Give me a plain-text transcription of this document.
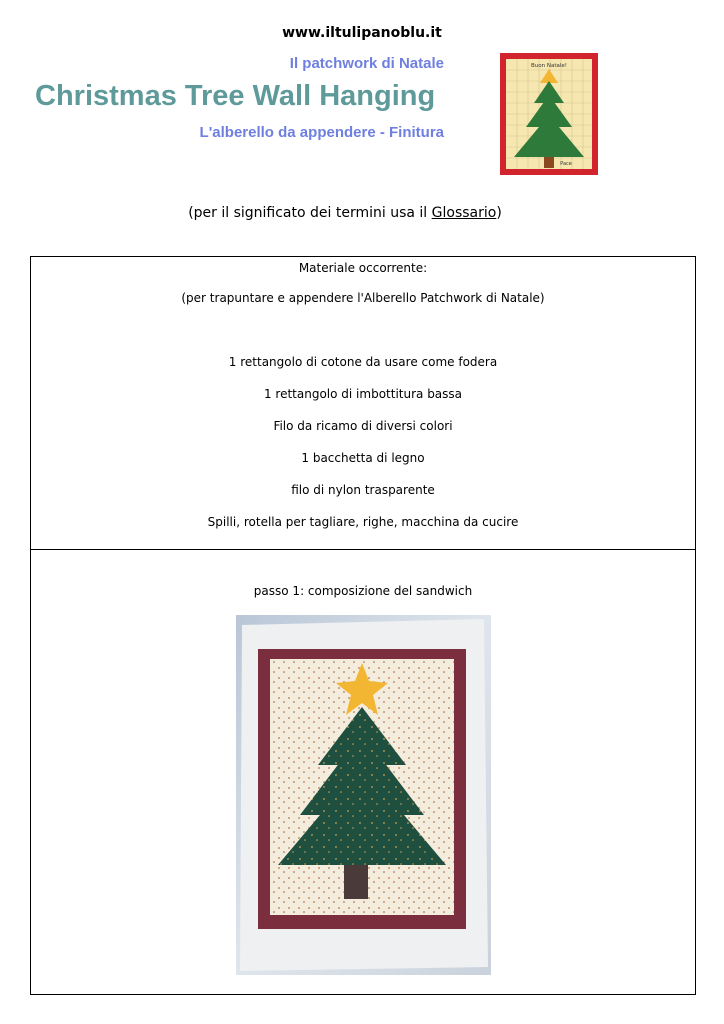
www.iltulipanoblu.it
Il patchwork di Natale
Christmas Tree Wall Hanging
L'alberello da appendere - Finitura
Buon Natale!
Pace
(per il significato dei termini usa il Glossario)
Materiale occorrente:
(per trapuntare e appendere l'Alberello Patchwork di Natale)
1 rettangolo di cotone da usare come fodera
1 rettangolo di imbottitura bassa
Filo da ricamo di diversi colori
1 bacchetta di legno
filo di nylon trasparente
Spilli, rotella per tagliare, righe, macchina da cucire
passo 1: composizione del sandwich
